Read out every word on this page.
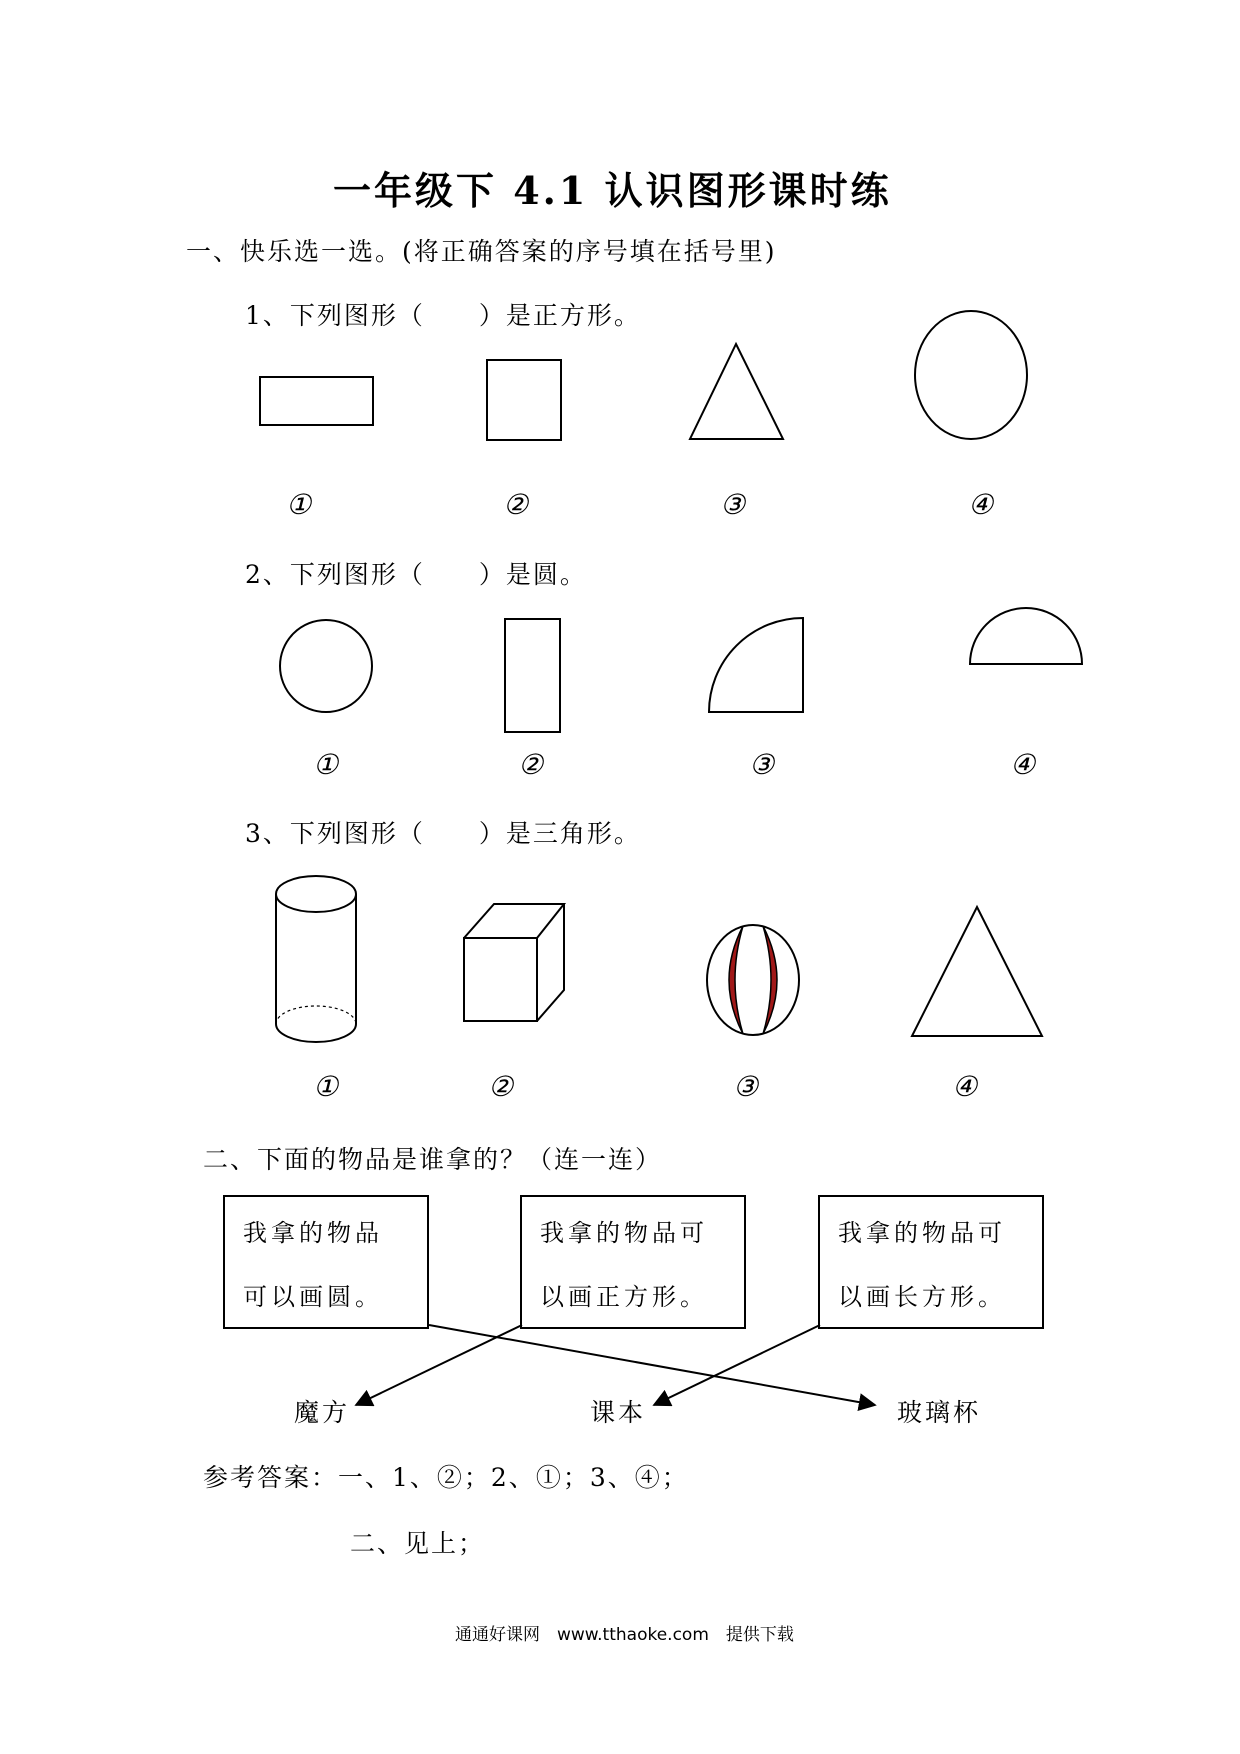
一年级下 4.1 认识图形课时练
一、快乐选一选。(将正确答案的序号填在括号里)
1、下列图形（　　）是正方形。
①	②	③	④
2、下列图形（　　）是圆。
①	②	③	④
3、下列图形（　　）是三角形。
①	②	③	④
二、下面的物品是谁拿的？（连一连）
我拿的物品
可以画圆。
我拿的物品可
以画正方形。
我拿的物品可
以画长方形。
魔方	课本	玻璃杯
参考答案：一、1、②；2、①；3、④；
二、见上；
通通好课网　www.tthaoke.com　提供下载
